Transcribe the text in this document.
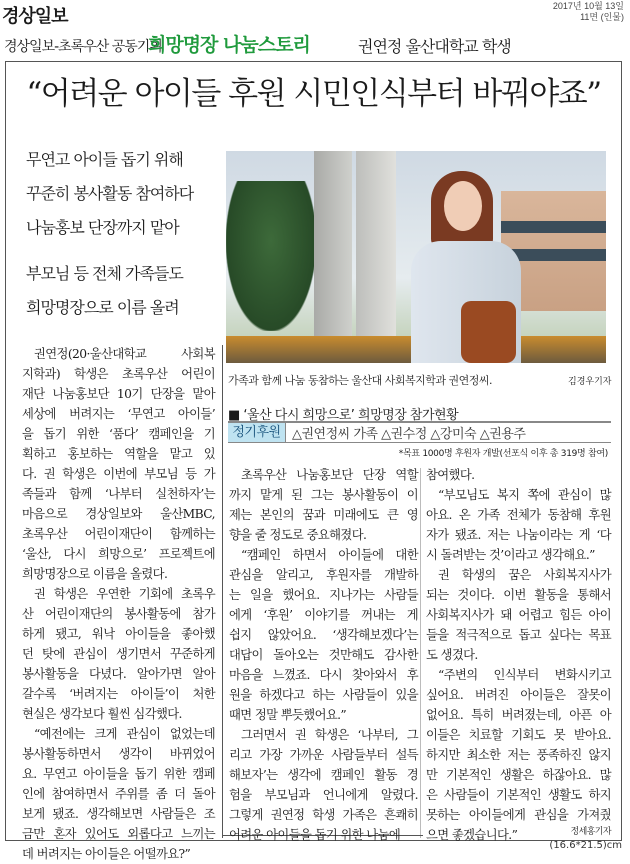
경상일보	2017년 10월 13일
11면 (인물)
경상일보-초록우산 공동기획
희망명장 나눔스토리	권연정 울산대학교 학생
“어려운 아이들 후원 시민인식부터 바꿔야죠”
무연고 아이들 돕기 위해
꾸준히 봉사활동 참여하다
나눔홍보 단장까지 맡아
부모님 등 전체 가족들도
희망명장으로 이름 올려
가족과 함께 나눔 동참하는 울산대 사회복지학과 권연정씨.	김경우기자
■ ‘울산 다시 희망으로’ 희망명장 참가현황
정기후원 △권연정씨 가족 △권수정 △강미숙 △권용주
*목표 1000명 후원자 개발(선포식 이후 총 319명 참여)
권연정(20·울산대학교 사회복
지학과) 학생은 초록우산 어린이
재단 나눔홍보단 10기 단장을 맡아
세상에 버려지는 ‘무연고 아이들’
을 돕기 위한 ‘품다’ 캠페인을 기
획하고 홍보하는 역할을 맡고 있
다. 권 학생은 이번에 부모님 등 가
족들과 함께 ‘나부터 실천하자’는
마음으로 경상일보와 울산MBC,
초록우산 어린이재단이 함께하는
‘울산, 다시 희망으로’ 프로젝트에
희망명장으로 이름을 올렸다.
권 학생은 우연한 기회에 초록우
산 어린이재단의 봉사활동에 참가
하게 됐고, 워낙 아이들을 좋아했
던 탓에 관심이 생기면서 꾸준하게
봉사활동을 다녔다. 알아가면 알아
갈수록 ‘버려지는 아이들’이 처한
현실은 생각보다 훨씬 심각했다.
“예전에는 크게 관심이 없었는데
봉사활동하면서 생각이 바뀌었어
요. 무연고 아이들을 돕기 위한 캠페
인에 참여하면서 주위를 좀 더 돌아
보게 됐죠. 생각해보면 사람들은 조
금만 혼자 있어도 외롭다고 느끼는
데 버려지는 아이들은 어떨까요?”
초록우산 나눔홍보단 단장 역할
까지 맡게 된 그는 봉사활동이 이
제는 본인의 꿈과 미래에도 큰 영
향을 줄 정도로 중요해졌다.
“캠페인 하면서 아이들에 대한
관심을 알리고, 후원자를 개발하
는 일을 했어요. 지나가는 사람들
에게 ‘후원’ 이야기를 꺼내는 게
쉽지 않았어요. ‘생각해보겠다’는
대답이 돌아오는 것만해도 감사한
마음을 느꼈죠. 다시 찾아와서 후
원을 하겠다고 하는 사람들이 있을
때면 정말 뿌듯했어요.”
그러면서 권 학생은 ‘나부터, 그
리고 가장 가까운 사람들부터 설득
해보자’는 생각에 캠페인 활동 경
험을 부모님과 언니에게 알렸다.
그렇게 권연정 학생 가족은 흔쾌히
어려운 아이들을 돕기 위한 나눔에
참여했다.
“부모님도 복지 쪽에 관심이 많
아요. 온 가족 전체가 동참해 후원
자가 됐죠. 저는 나눔이라는 게 ‘다
시 돌려받는 것’이라고 생각해요.”
권 학생의 꿈은 사회복지사가
되는 것이다. 이번 활동을 통해서
사회복지사가 돼 어렵고 힘든 아이
들을 적극적으로 돕고 싶다는 목표
도 생겼다.
“주변의 인식부터 변화시키고
싶어요. 버려진 아이들은 잘못이
없어요. 특히 버려졌는데, 아픈 아
이들은 치료할 기회도 못 받아요.
하지만 최소한 저는 풍족하진 않지
만 기본적인 생활은 하잖아요. 많
은 사람들이 기본적인 생활도 하지
못하는 아이들에게 관심을 가져줬
으면 좋겠습니다.”	정세홍기자
(16.6*21.5)cm
